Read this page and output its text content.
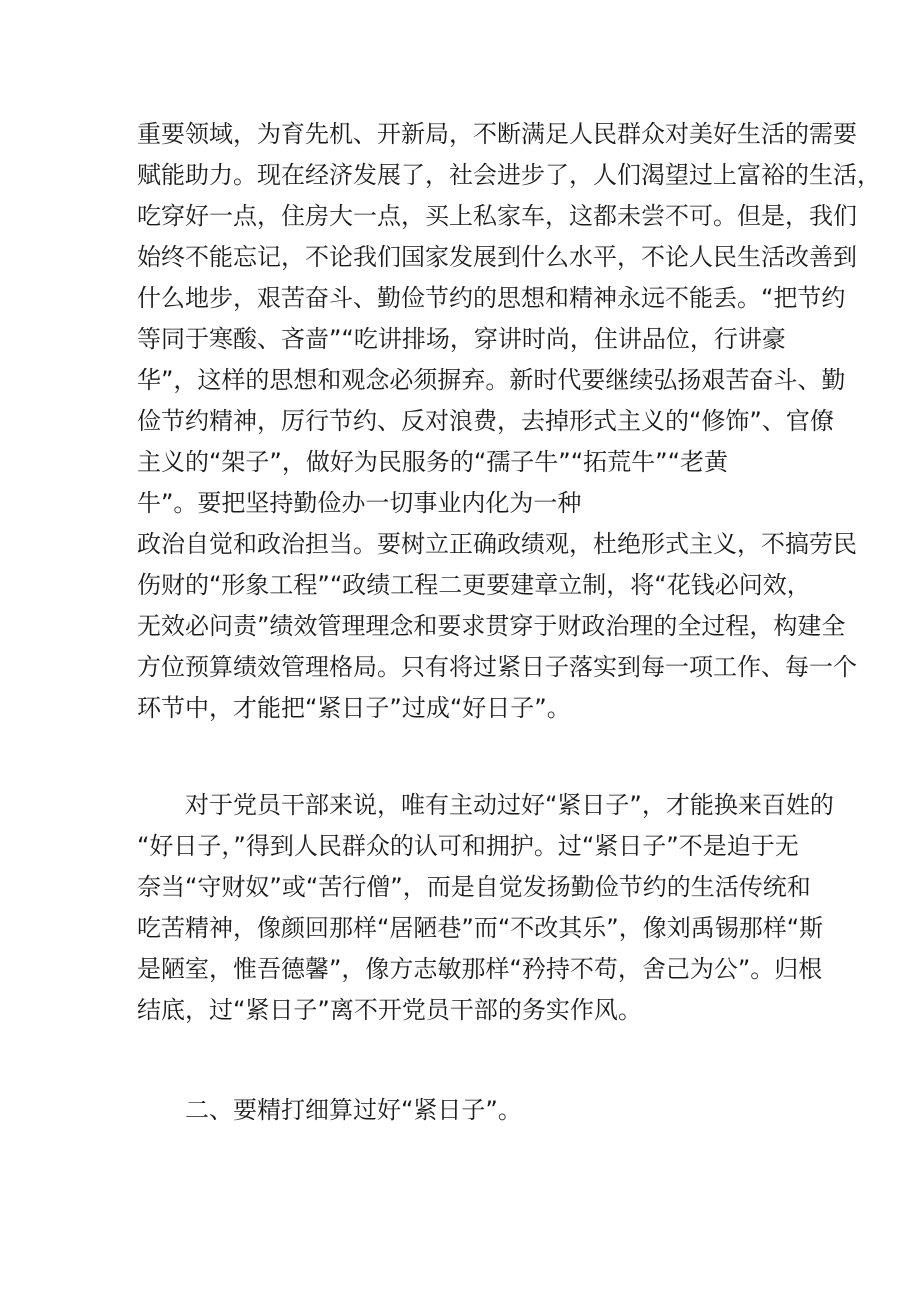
重要领域，为育先机、开新局，不断满足人民群众对美好生活的需要
赋能助力。现在经济发展了，社会进步了，人们渴望过上富裕的生活，
吃穿好一点，住房大一点，买上私家车，这都未尝不可。但是，我们
始终不能忘记，不论我们国家发展到什么水平，不论人民生活改善到
什么地步，艰苦奋斗、勤俭节约的思想和精神永远不能丢。“把节约
等同于寒酸、吝啬”“吃讲排场，穿讲时尚，住讲品位，行讲豪
华”，这样的思想和观念必须摒弃。新时代要继续弘扬艰苦奋斗、勤
俭节约精神，厉行节约、反对浪费，去掉形式主义的“修饰”、官僚
主义的“架子”，做好为民服务的“孺子牛”“拓荒牛”“老黄
牛”。要把坚持勤俭办一切事业内化为一种
政治自觉和政治担当。要树立正确政绩观，杜绝形式主义，不搞劳民
伤财的“形象工程”“政绩工程二更要建章立制，将“花钱必问效，
无效必问责”绩效管理理念和要求贯穿于财政治理的全过程，构建全
方位预算绩效管理格局。只有将过紧日子落实到每一项工作、每一个
环节中，才能把“紧日子”过成“好日子”。
对于党员干部来说，唯有主动过好“紧日子”，才能换来百姓的
“好日子，”得到人民群众的认可和拥护。过“紧日子”不是迫于无
奈当“守财奴”或“苦行僧”，而是自觉发扬勤俭节约的生活传统和
吃苦精神，像颜回那样“居陋巷”而“不改其乐”，像刘禹锡那样“斯
是陋室，惟吾德馨”，像方志敏那样“矜持不苟，舍己为公”。归根
结底，过“紧日子”离不开党员干部的务实作风。
二、要精打细算过好“紧日子”。
